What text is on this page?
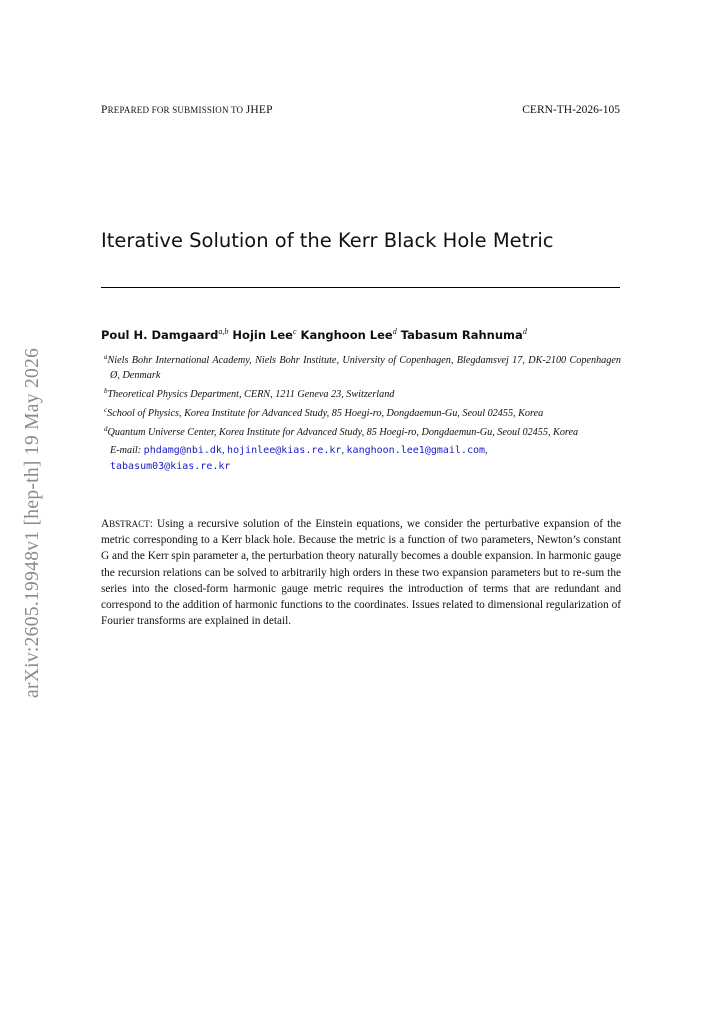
PREPARED FOR SUBMISSION TO JHEP	CERN-TH-2026-105
Iterative Solution of the Kerr Black Hole Metric
Poul H. Damgaard$^{a,b}$ Hojin Lee$^c$ Kanghoon Lee$^d$ Tabasum Rahnuma$^d$

$^a$Niels Bohr International Academy, Niels Bohr Institute, University of Copenhagen, Blegdamsvej 17, DK-2100 Copenhagen Ø, Denmark

$^b$Theoretical Physics Department, CERN, 1211 Geneva 23, Switzerland

$^c$School of Physics, Korea Institute for Advanced Study, 85 Hoegi-ro, Dongdaemun-Gu, Seoul 02455, Korea

$^d$Quantum Universe Center, Korea Institute for Advanced Study, 85 Hoegi-ro, Dongdaemun-Gu, Seoul 02455, Korea

E-mail: phdamg@nbi.dk, hojinlee@kias.re.kr, kanghoon.lee1@gmail.com,
tabasum03@kias.re.kr

ABSTRACT: Using a recursive solution of the Einstein equations, we consider the perturbative expansion of the metric corresponding to a Kerr black hole. Because the metric is a function of two parameters, Newton’s constant G and the Kerr spin parameter a, the perturbation theory naturally becomes a double expansion. In harmonic gauge the recursion relations can be solved to arbitrarily high orders in these two expansion parameters but to re-sum the series into the closed-form harmonic gauge metric requires the introduction of terms that are redundant and correspond to the addition of harmonic functions to the coordinates. Issues related to dimensional regularization of Fourier transforms are explained in detail.

arXiv:2605.19948v1 [hep-th] 19 May 2026
